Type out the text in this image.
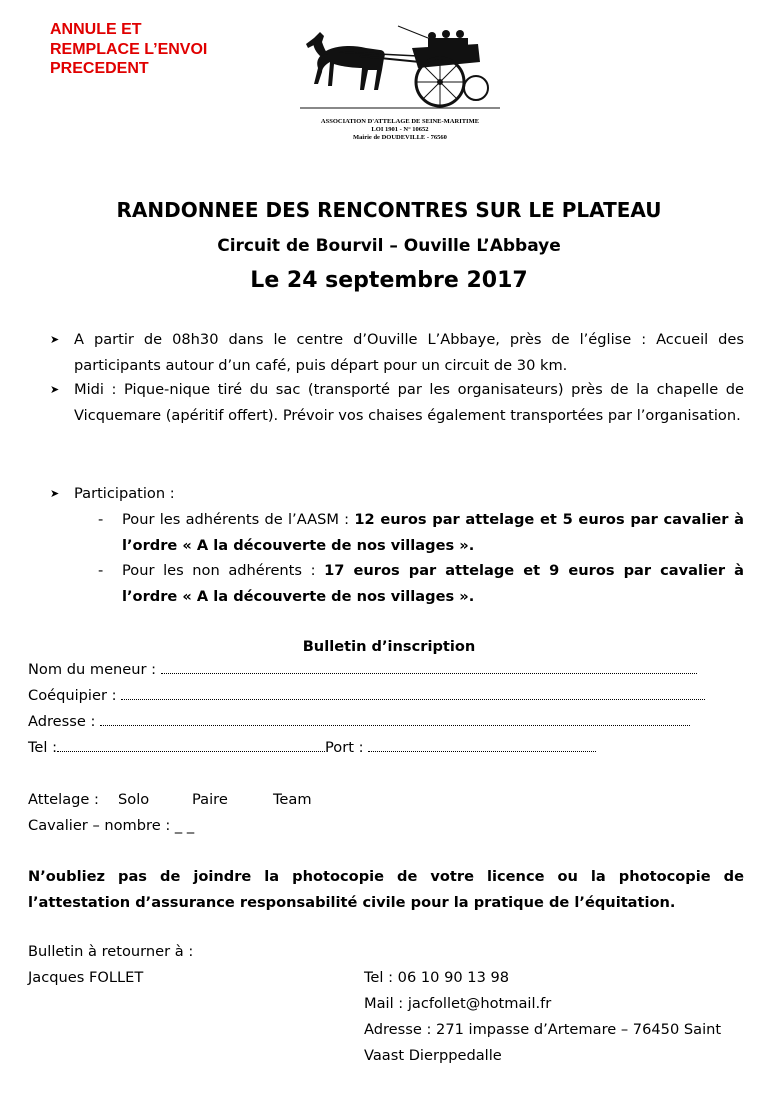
ANNULE ET
REMPLACE L’ENVOI
PRECEDENT
ASSOCIATION D'ATTELAGE DE SEINE-MARITIME
LOI 1901 - N° 10652
Mairie de DOUDEVILLE - 76560
RANDONNEE DES RENCONTRES SUR LE PLATEAU
Circuit de Bourvil – Ouville L’Abbaye
Le 24 septembre 2017
➤	A partir de 08h30 dans le centre d’Ouville L’Abbaye, près de l’église : Accueil des participants autour d’un café, puis départ pour un circuit de 30 km.

➤	Midi : Pique-nique tiré du sac (transporté par les organisateurs) près de la chapelle de Vicquemare (apéritif offert). Prévoir vos chaises également transportées par l’organisation.

➤	Participation :

-	Pour les adhérents de l’AASM : 12 euros par attelage et 5 euros par cavalier à l’ordre « A la découverte de nos villages ».

-	Pour les non adhérents : 17 euros par attelage et 9 euros par cavalier à l’ordre « A la découverte de nos villages ».

Bulletin d’inscription
Nom du meneur :
Coéquipier :
Adresse :
Tel :	Port :
Attelage : Solo	Paire	Team
Cavalier – nombre : _ _
N’oubliez pas de joindre la photocopie de votre licence ou la photocopie de l’attestation d’assurance responsabilité civile pour la pratique de l’équitation.
Bulletin à retourner à :
Jacques FOLLET	Tel : 06 10 90 13 98
Mail : jacfollet@hotmail.fr
Adresse : 271 impasse d’Artemare – 76450 Saint
Vaast Dierppedalle
